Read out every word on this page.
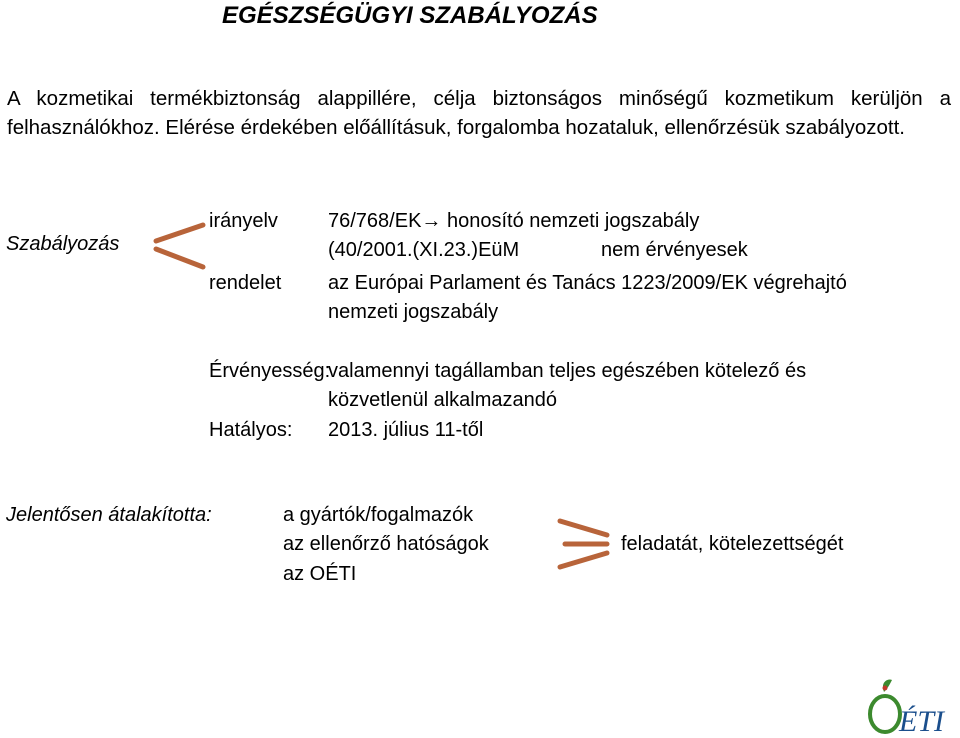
EGÉSZSÉGÜGYI SZABÁLYOZÁS
A kozmetikai termékbiztonság alappillére, célja biztonságos minőségű kozmetikum kerüljön a felhasználókhoz. Elérése érdekében előállításuk, forgalomba hozataluk, ellenőrzésük szabályozott.
Szabályozás
irányelv	76/768/EK→ honosító nemzeti jogszabály
(40/2001.(XI.23.)EüM	nem érvényesek
rendelet az Európai Parlament és Tanács 1223/2009/EK végrehajtó
nemzeti jogszabály
Érvényesség:
valamennyi tagállamban teljes egészében kötelező és
közvetlenül alkalmazandó
Hatályos: 2013. július 11-től
Jelentősen átalakította:	a gyártók/fogalmazók
az ellenőrző hatóságok
az OÉTI
feladatát, kötelezettségét
ÉTI
